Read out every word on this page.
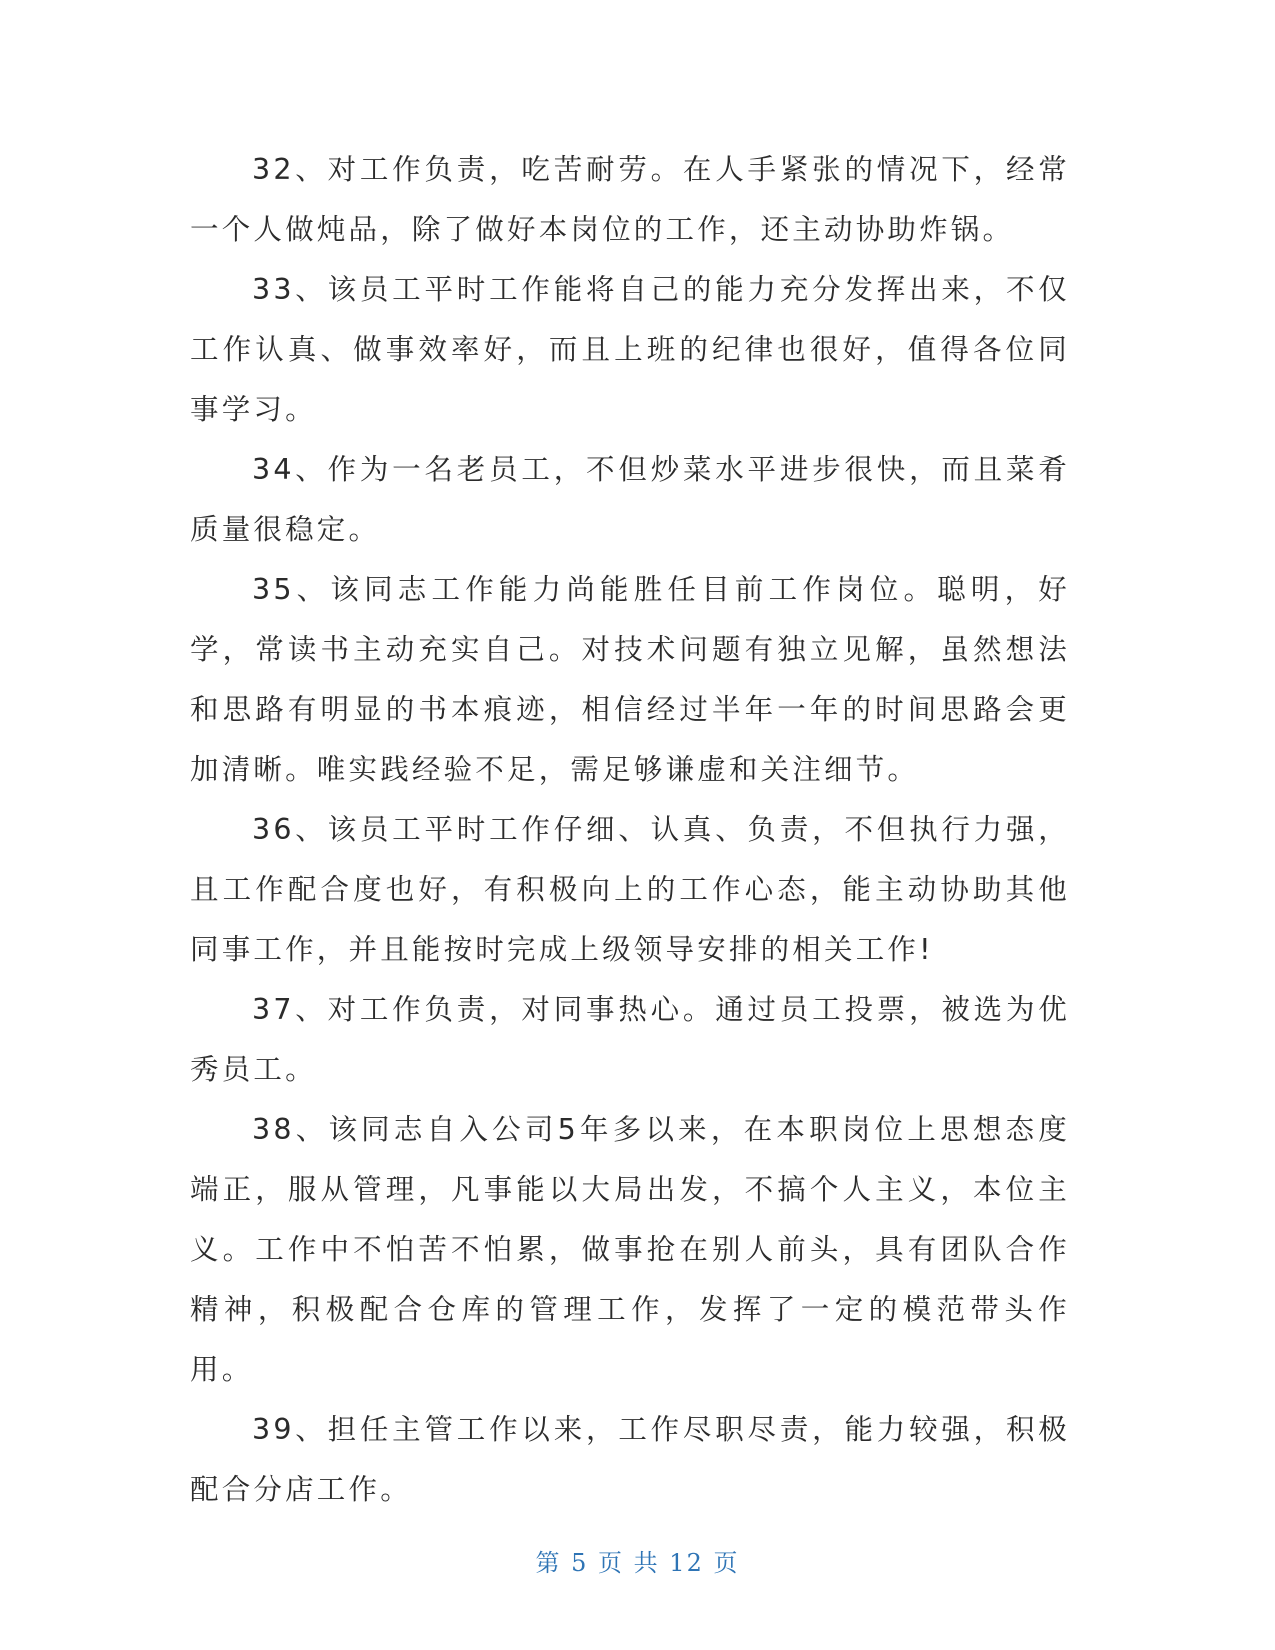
32、对工作负责，吃苦耐劳。在人手紧张的情况下，经常一个人做炖品，除了做好本岗位的工作，还主动协助炸锅。

33、该员工平时工作能将自己的能力充分发挥出来，不仅工作认真、做事效率好，而且上班的纪律也很好，值得各位同事学习。

34、作为一名老员工，不但炒菜水平进步很快，而且菜肴质量很稳定。

35、该同志工作能力尚能胜任目前工作岗位。聪明，好学，常读书主动充实自己。对技术问题有独立见解，虽然想法和思路有明显的书本痕迹，相信经过半年一年的时间思路会更加清晰。唯实践经验不足，需足够谦虚和关注细节。

36、该员工平时工作仔细、认真、负责，不但执行力强，且工作配合度也好，有积极向上的工作心态，能主动协助其他同事工作，并且能按时完成上级领导安排的相关工作!

37、对工作负责，对同事热心。通过员工投票，被选为优秀员工。

38、该同志自入公司5年多以来，在本职岗位上思想态度端正，服从管理，凡事能以大局出发，不搞个人主义，本位主义。工作中不怕苦不怕累，做事抢在别人前头，具有团队合作精神，积极配合仓库的管理工作，发挥了一定的模范带头作用。

39、担任主管工作以来，工作尽职尽责，能力较强，积极配合分店工作。

第 5 页 共 12 页
